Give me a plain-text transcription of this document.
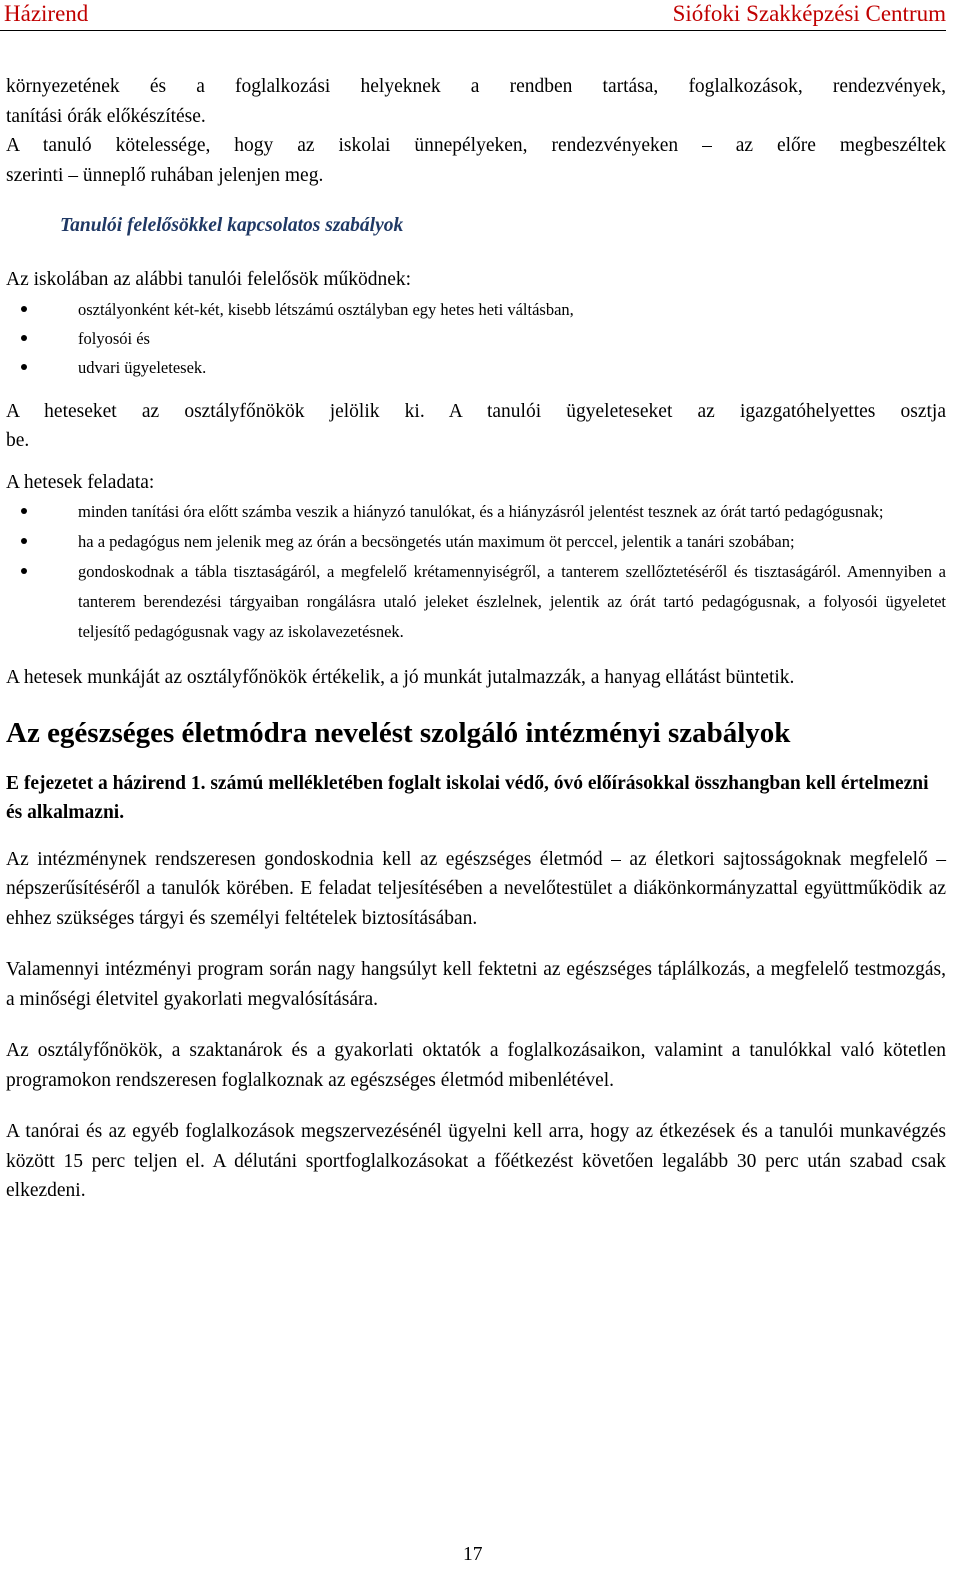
Házirend	Siófoki Szakképzési Centrum

környezetének és a foglalkozási helyeknek a rendben tartása, foglalkozások, rendezvények,
tanítási órák előkészítése.
A tanuló kötelessége, hogy az iskolai ünnepélyeken, rendezvényeken – az előre megbeszéltek
szerinti – ünneplő ruhában jelenjen meg.

Tanulói felelősökkel kapcsolatos szabályok

Az iskolában az alábbi tanulói felelősök működnek:

osztályonként két-két, kisebb létszámú osztályban egy hetes heti váltásban,
folyosói és
udvari ügyeletesek.

A heteseket az osztályfőnökök jelölik ki. A tanulói ügyeleteseket az igazgatóhelyettes osztja
be.

A hetesek feladata:

minden tanítási óra előtt számba veszik a hiányzó tanulókat, és a hiányzásról jelentést tesznek az órát tartó pedagógusnak;
ha a pedagógus nem jelenik meg az órán a becsöngetés után maximum öt perccel, jelentik a tanári szobában;
gondoskodnak a tábla tisztaságáról, a megfelelő krétamennyiségről, a tanterem szellőztetéséről és tisztaságáról. Amennyiben a tanterem berendezési tárgyaiban rongálásra utaló jeleket észlelnek, jelentik az órát tartó pedagógusnak, a folyosói ügyeletet teljesítő pedagógusnak vagy az iskolavezetésnek.

A hetesek munkáját az osztályfőnökök értékelik, a jó munkát jutalmazzák, a hanyag ellátást büntetik.

Az egészséges életmódra nevelést szolgáló intézményi szabályok

E fejezetet a házirend 1. számú mellékletében foglalt iskolai védő, óvó előírásokkal összhangban kell értelmezni és alkalmazni.

Az intézménynek rendszeresen gondoskodnia kell az egészséges életmód – az életkori sajtosságoknak megfelelő – népszerűsítéséről a tanulók körében. E feladat teljesítésében a nevelőtestület a diákönkormányzattal együttműködik az ehhez szükséges tárgyi és személyi feltételek biztosításában.

Valamennyi intézményi program során nagy hangsúlyt kell fektetni az egészséges táplálkozás, a megfelelő testmozgás, a minőségi életvitel gyakorlati megvalósítására.

Az osztályfőnökök, a szaktanárok és a gyakorlati oktatók a foglalkozásaikon, valamint a tanulókkal való kötetlen programokon rendszeresen foglalkoznak az egészséges életmód mibenlétével.

A tanórai és az egyéb foglalkozások megszervezésénél ügyelni kell arra, hogy az étkezések és a tanulói munkavégzés között 15 perc teljen el. A délutáni sportfoglalkozásokat a főétkezést követően legalább 30 perc után szabad csak elkezdeni.

17
